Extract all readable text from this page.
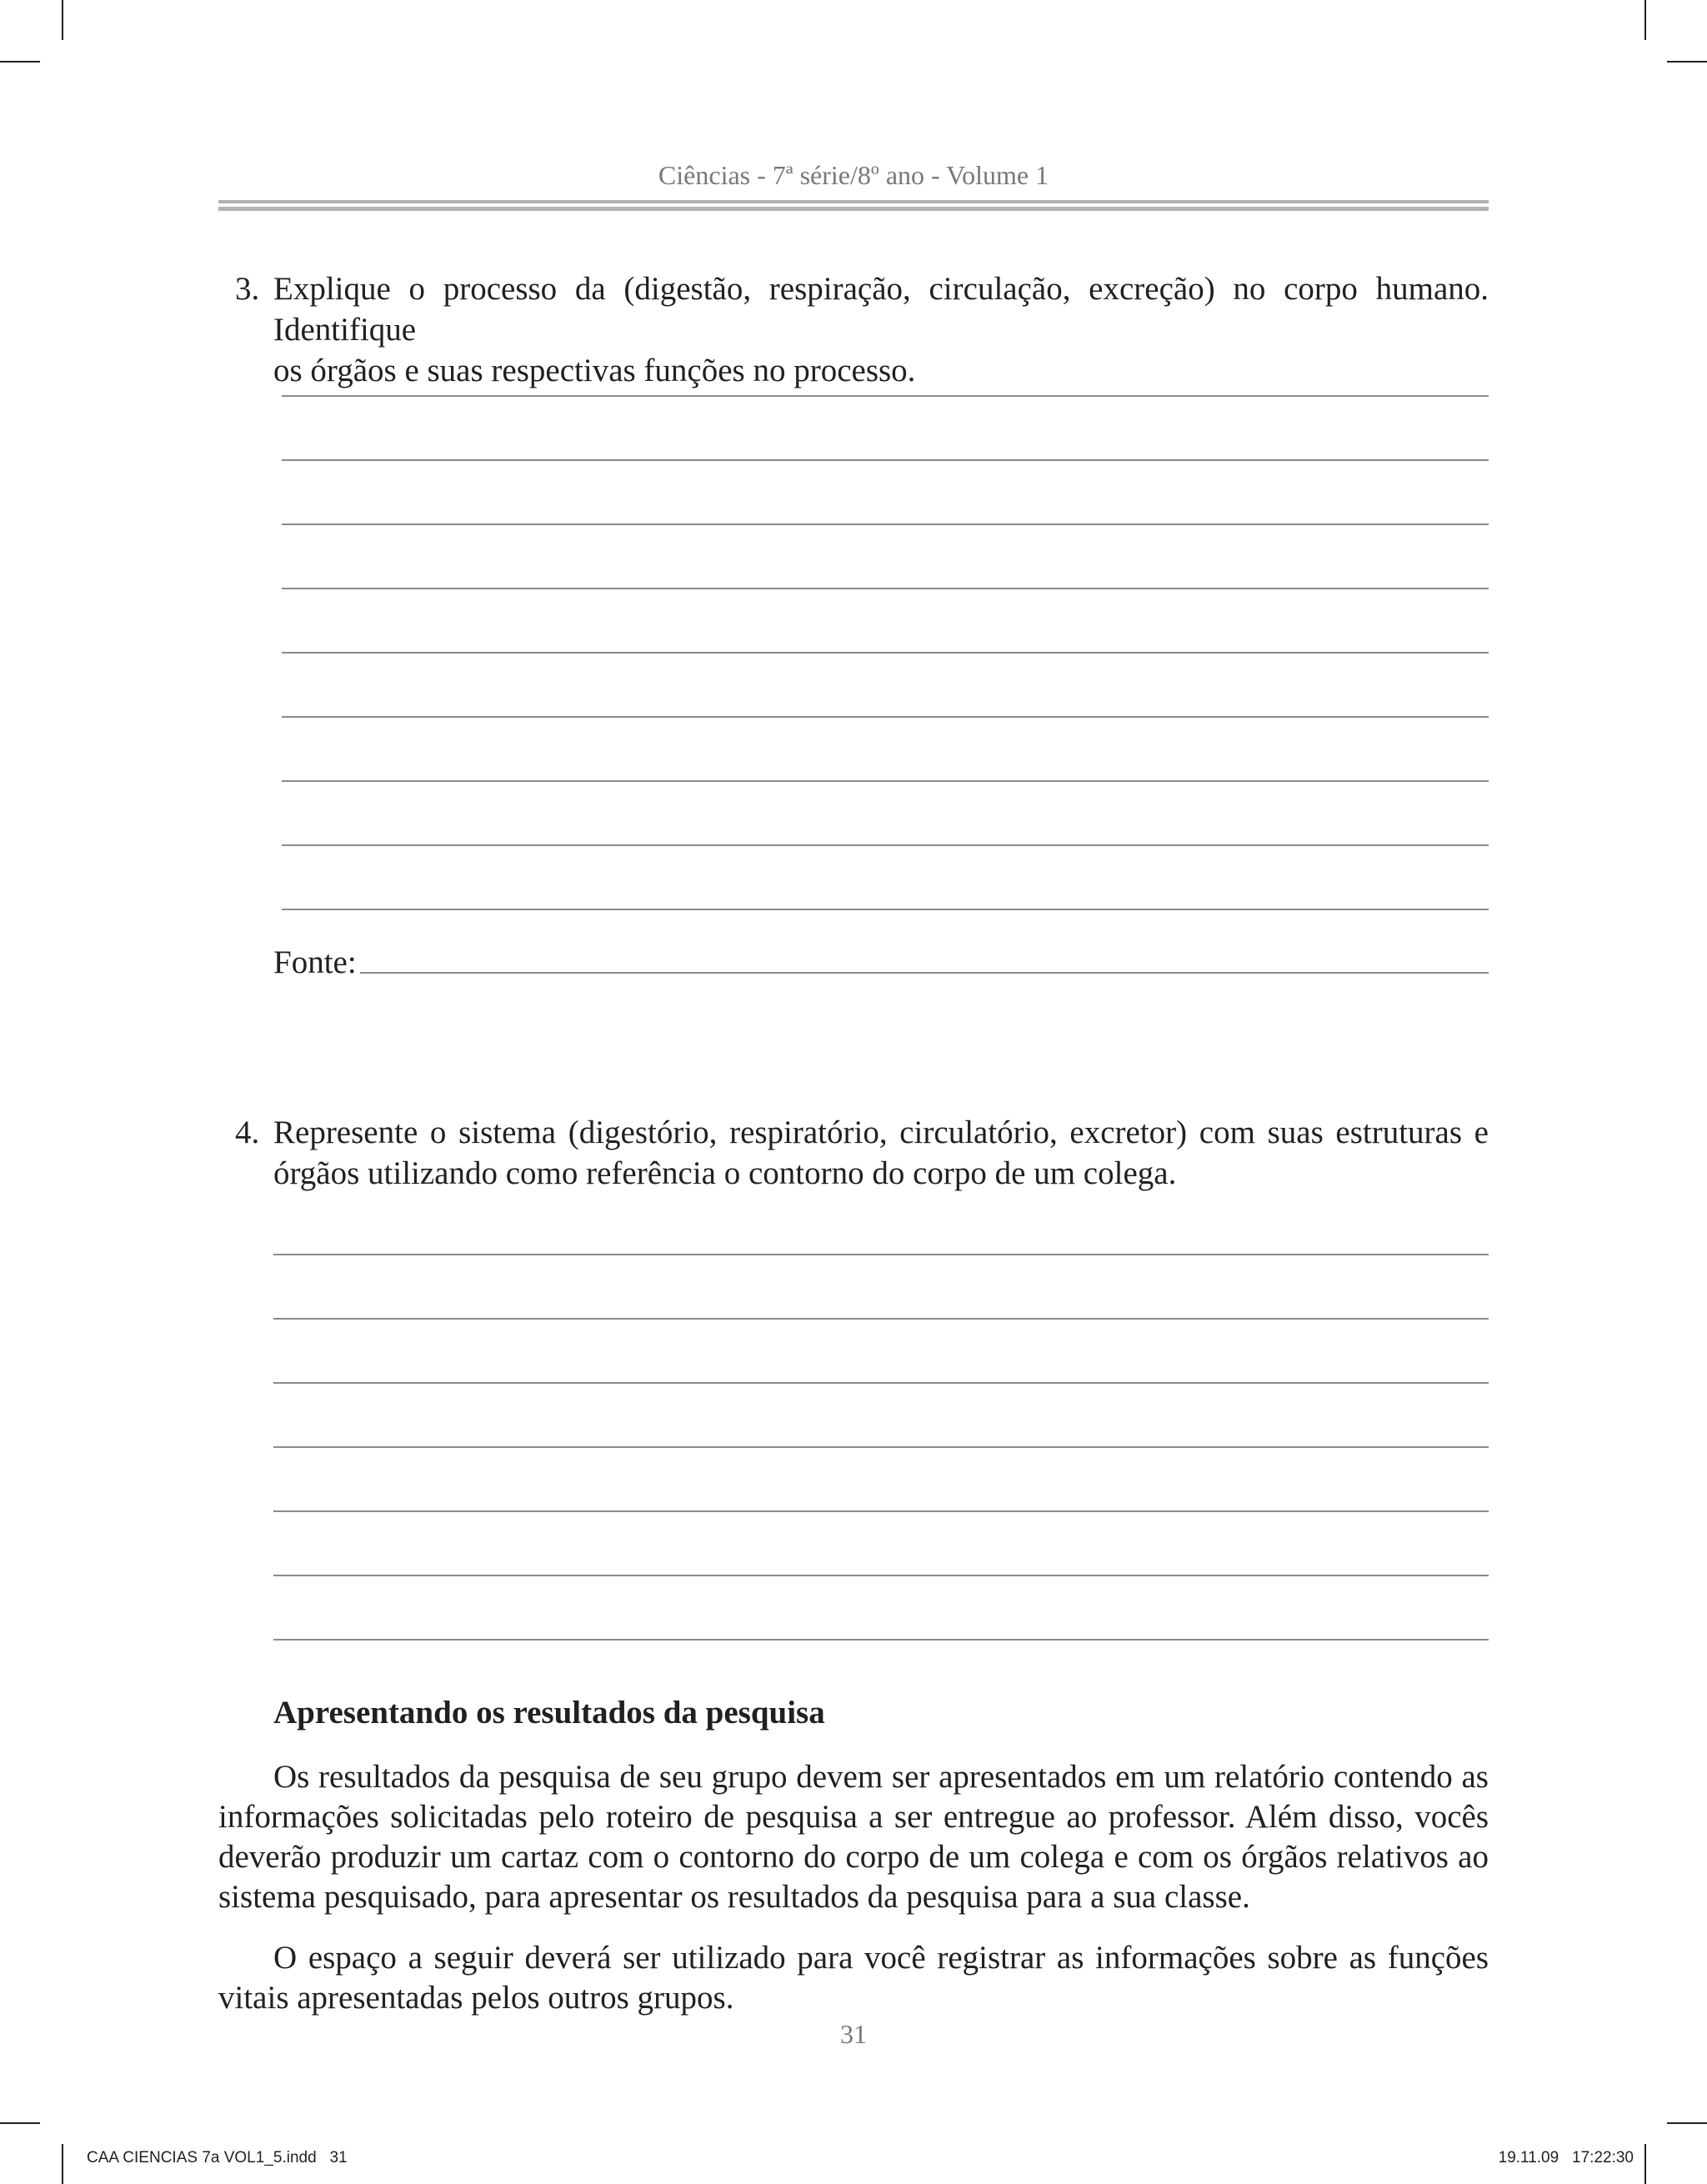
Ciências - 7ª série/8º ano - Volume 1
3. Explique o processo da (digestão, respiração, circulação, excreção) no corpo humano. Identifique
os órgãos e suas respectivas funções no processo.
Fonte:
4. Represente o sistema (digestório, respiratório, circulatório, excretor) com suas estruturas e
órgãos utilizando como referência o contorno do corpo de um colega.
Apresentando os resultados da pesquisa
Os resultados da pesquisa de seu grupo devem ser apresentados em um relatório contendo as informações solicitadas pelo roteiro de pesquisa a ser entregue ao professor. Além disso, vocês deverão produzir um cartaz com o contorno do corpo de um colega e com os órgãos relativos ao sistema pesquisado, para apresentar os resultados da pesquisa para a sua classe.
O espaço a seguir deverá ser utilizado para você registrar as informações sobre as funções vitais apresentadas pelos outros grupos.
31
CAA CIENCIAS 7a VOL1_5.indd   31	19.11.09   17:22:30
